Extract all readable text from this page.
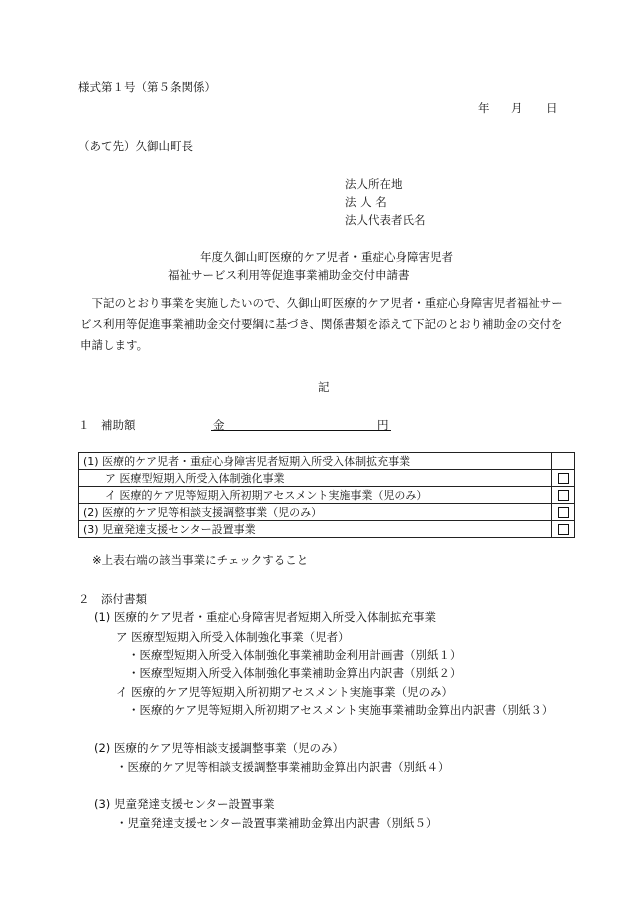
様式第１号（第５条関係）
年 月 日
（あて先）久御山町長
法人所在地
法 人 名
法人代表者氏名
年度久御山町医療的ケア児者・重症心身障害児者
福祉サービス利用等促進事業補助金交付申請書
　下記のとおり事業を実施したいので、久御山町医療的ケア児者・重症心身障害児者福祉サービス利用等促進事業補助金交付要綱に基づき、関係書類を添えて下記のとおり補助金の交付を申請します。
記
１　補助額	金	円
(1) 医療的ケア児者・重症心身障害児者短期入所受入体制拡充事業	
ア 医療型短期入所受入体制強化事業	
イ 医療的ケア児等短期入所初期アセスメント実施事業（児のみ）	
(2) 医療的ケア児等相談支援調整事業（児のみ）	
(3) 児童発達支援センター設置事業	
※上表右端の該当事業にチェックすること
２　添付書類
(1) 医療的ケア児者・重症心身障害児者短期入所受入体制拡充事業
ア 医療型短期入所受入体制強化事業（児者）
・医療型短期入所受入体制強化事業補助金利用計画書（別紙１）
・医療型短期入所受入体制強化事業補助金算出内訳書（別紙２）
イ 医療的ケア児等短期入所初期アセスメント実施事業（児のみ）
・医療的ケア児等短期入所初期アセスメント実施事業補助金算出内訳書（別紙３）
(2) 医療的ケア児等相談支援調整事業（児のみ）
・医療的ケア児等相談支援調整事業補助金算出内訳書（別紙４）
(3) 児童発達支援センター設置事業
・児童発達支援センター設置事業補助金算出内訳書（別紙５）
